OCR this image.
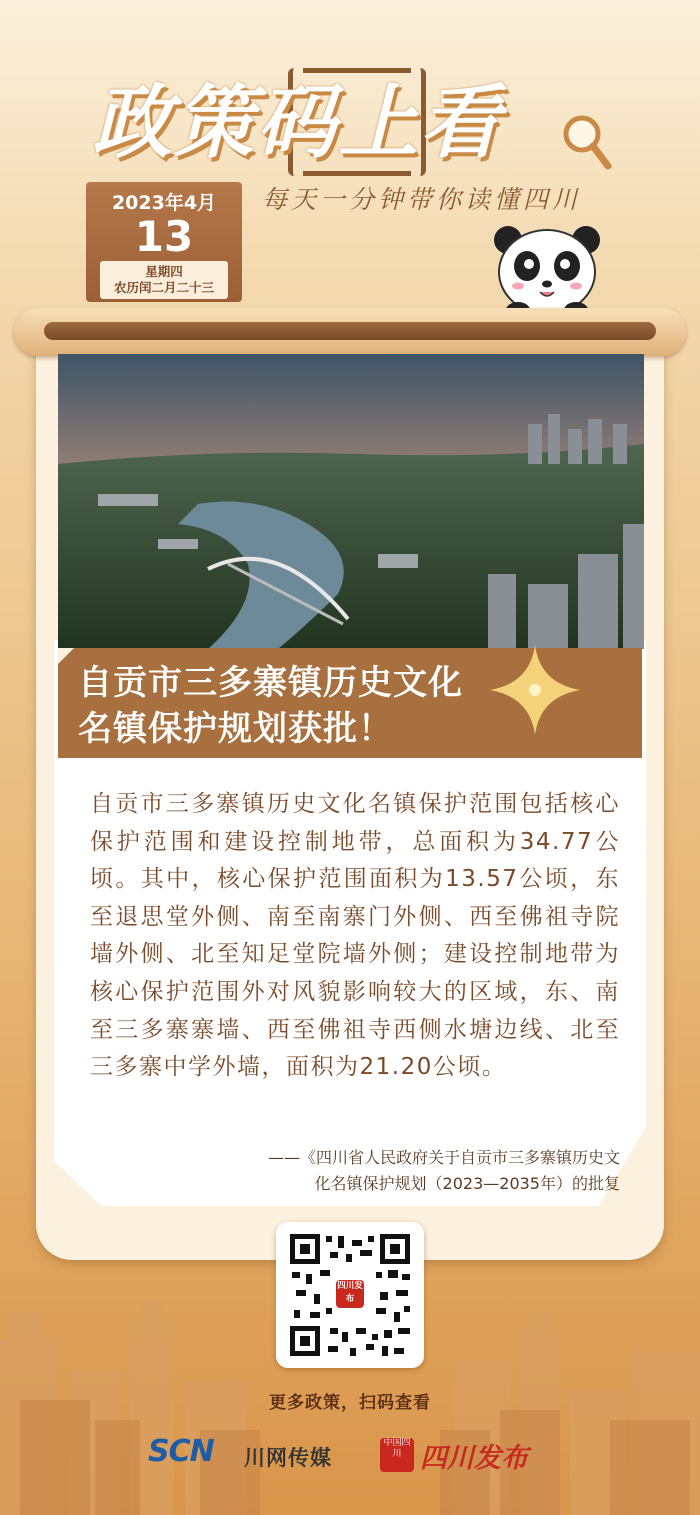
政策码上看
每天一分钟带你读懂四川
2023年4月
13
星期四
农历闰二月二十三
自贡市三多寨镇历史文化
名镇保护规划获批！
自贡市三多寨镇历史文化名镇保护范围包括核心保护范围和建设控制地带，总面积为34.77公顷。其中，核心保护范围面积为13.57公顷，东至退思堂外侧、南至南寨门外侧、西至佛祖寺院墙外侧、北至知足堂院墙外侧；建设控制地带为核心保护范围外对风貌影响较大的区域，东、南至三多寨寨墙、西至佛祖寺西侧水塘边线、北至三多寨中学外墙，面积为21.20公顷。
——《四川省人民政府关于自贡市三多寨镇历史文
化名镇保护规划（2023—2035年）的批复
四川发布
更多政策，扫码查看
SCN 川网传媒
中国四川 四川发布
